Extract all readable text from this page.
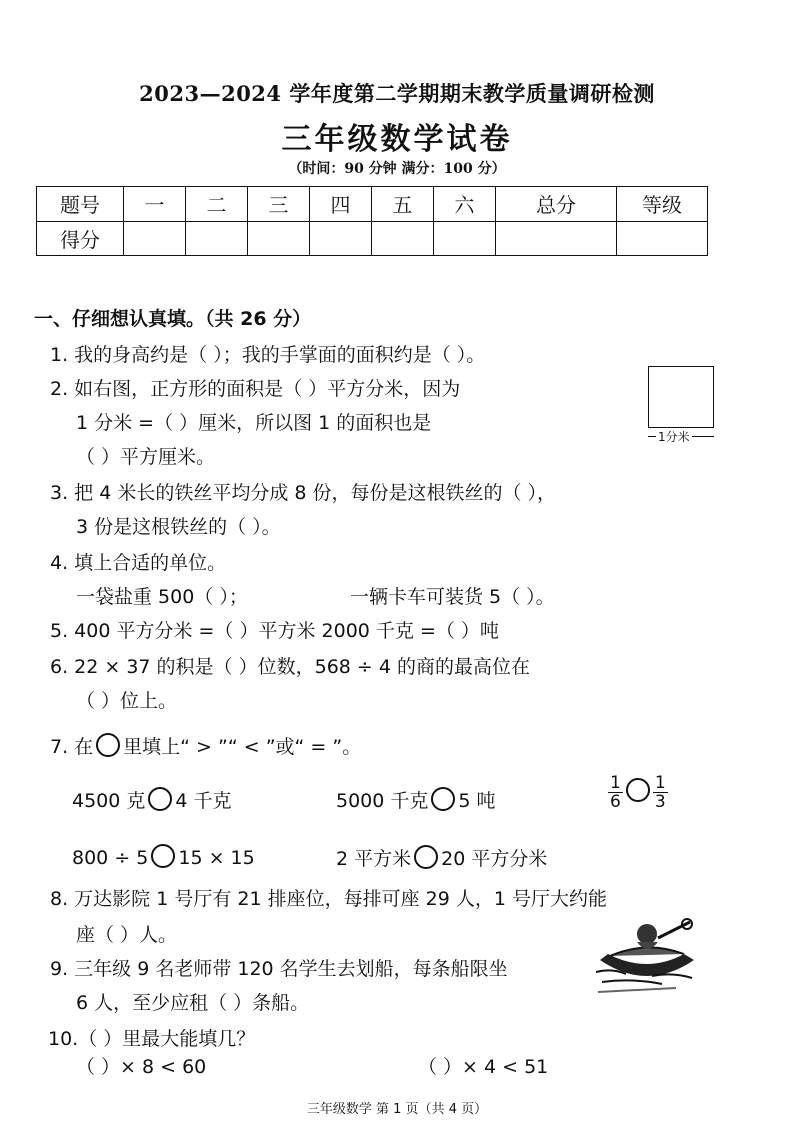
2023—2024 学年度第二学期期末教学质量调研检测
三年级数学试卷
（时间：90 分钟 满分：100 分）
题号	一	二	三	四	五	六	总分	等级
得分								
一、仔细想认真填。（共 26 分）
1. 我的身高约是（ ）；我的手掌面的面积约是（ ）。
2. 如右图，正方形的面积是（ ）平方分米，因为
1 分米 =（ ）厘米，所以图 1 的面积也是
（ ）平方厘米。
1分米
3. 把 4 米长的铁丝平均分成 8 份，每份是这根铁丝的（ ），
3 份是这根铁丝的（ ）。
4. 填上合适的单位。
一袋盐重 500（ ）；	一辆卡车可装货 5（ ）。
5. 400 平方分米 =（ ）平方米 2000 千克 =（ ）吨
6. 22 × 37 的积是（ ）位数，568 ÷ 4 的商的最高位在
（ ）位上。
7. 在 里填上“ > ”“ < ”或“ = ”。
4500 克 4 千克	5000 千克 5 吨	$\frac{1}{6} \frac{1}{3}$
800 ÷ 5 15 × 15	2 平方米 20 平方分米
8. 万达影院 1 号厅有 21 排座位，每排可座 29 人，1 号厅大约能
座（ ）人。
9. 三年级 9 名老师带 120 名学生去划船，每条船限坐
6 人，至少应租（ ）条船。
10.（ ）里最大能填几？
（ ）× 8 < 60	（ ）× 4 < 51
三年级数学 第 1 页（共 4 页）
